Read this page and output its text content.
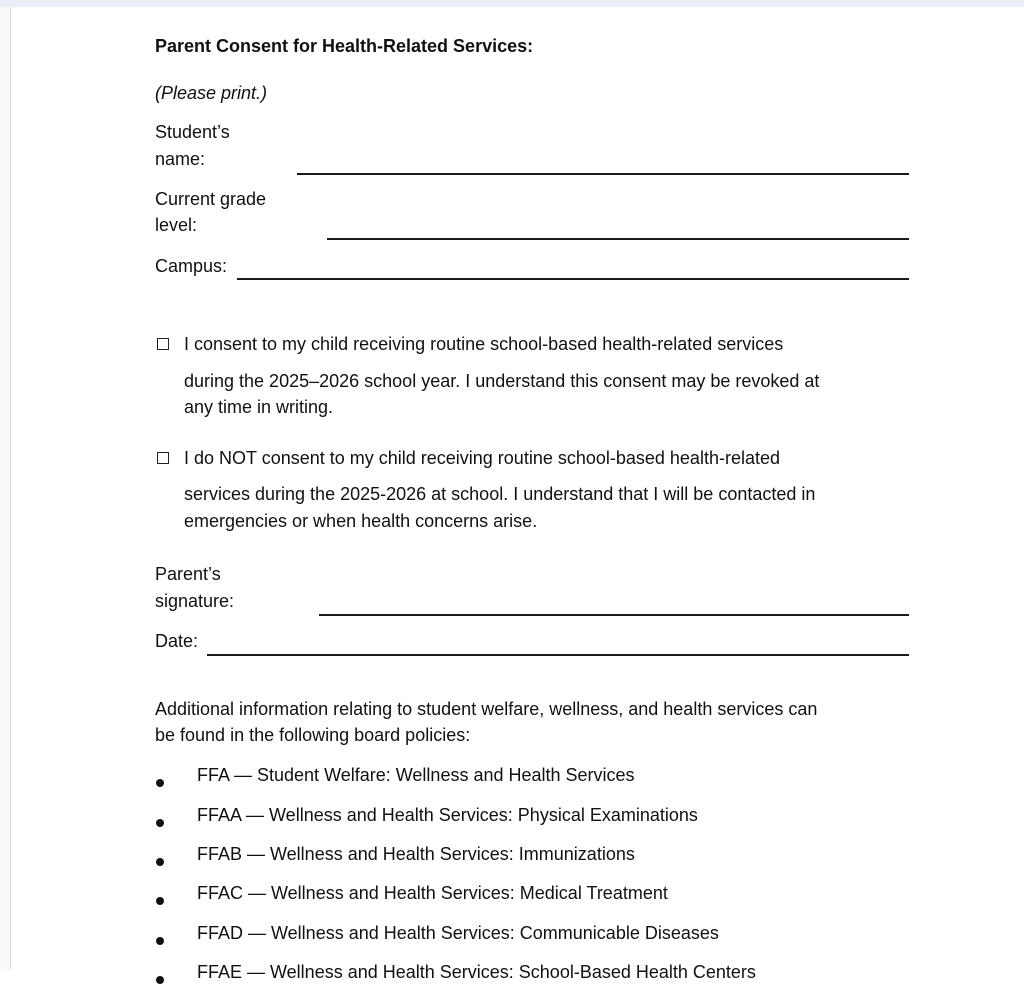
Parent Consent for Health-Related Services:
(Please print.)
Student’s
name:
Current grade
level:
Campus:
I consent to my child receiving routine school-based health-related services
during the 2025–2026 school year. I understand this consent may be revoked at
any time in writing.
I do NOT consent to my child receiving routine school-based health-related
services during the 2025-2026 at school. I understand that I will be contacted in
emergencies or when health concerns arise.
Parent’s
signature:
Date:
Additional information relating to student welfare, wellness, and health services can
be found in the following board policies:
FFA — Student Welfare: Wellness and Health Services
FFAA — Wellness and Health Services: Physical Examinations
FFAB — Wellness and Health Services: Immunizations
FFAC — Wellness and Health Services: Medical Treatment
FFAD — Wellness and Health Services: Communicable Diseases
FFAE — Wellness and Health Services: School-Based Health Centers
